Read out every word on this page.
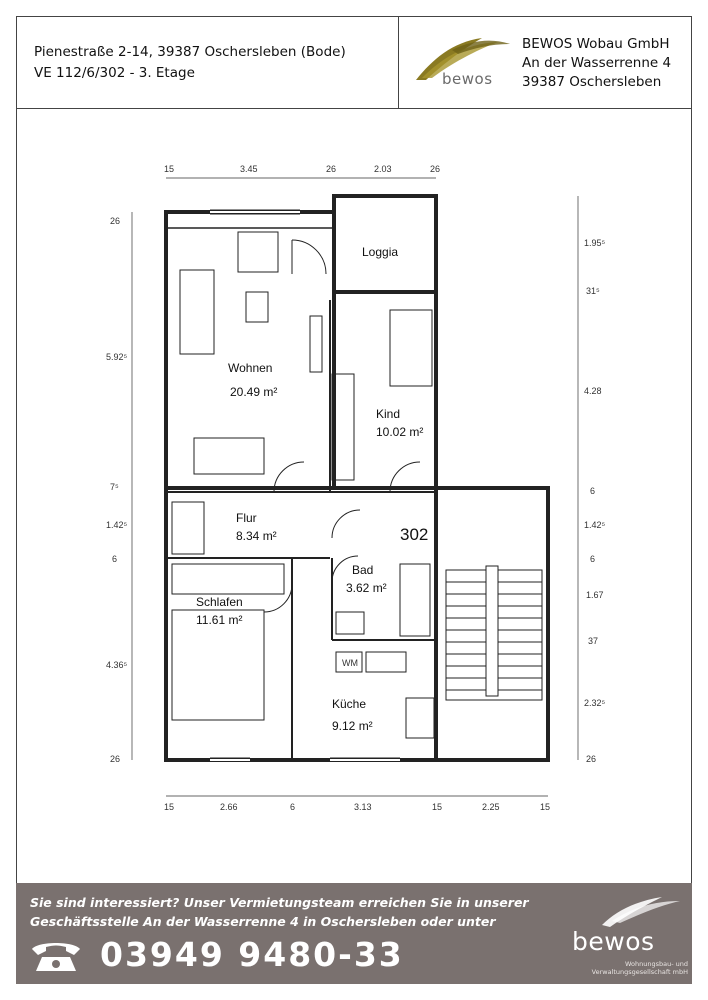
Pienestraße 2-14, 39387 Oschersleben (Bode)
VE 112/6/302 - 3. Etage	bewos
BEWOS Wobau GmbH
An der Wasserrenne 4
39387 Oschersleben
Loggia
Wohnen
20.49 m²
Kind
10.02 m²
Flur
8.34 m²	302
Bad
3.62 m²
Schlafen
11.61 m²
WM
Küche
9.12 m²
15	3.45	26	2.03	26
15	2.66	6	3.13	15	2.25	15
26
5.92⁵
7⁵
1.42⁵
6
4.36⁵
26
1.95⁵
31⁵
4.28
6
1.42⁵
6
1.67
37
2.32⁵
26
Sie sind interessiert? Unser Vermietungsteam erreichen Sie in unserer
Geschäftsstelle An der Wasserrenne 4 in Oschersleben oder unter
03949 9480-33	bewos
Wohnungsbau- und Verwaltungsgesellschaft mbH
